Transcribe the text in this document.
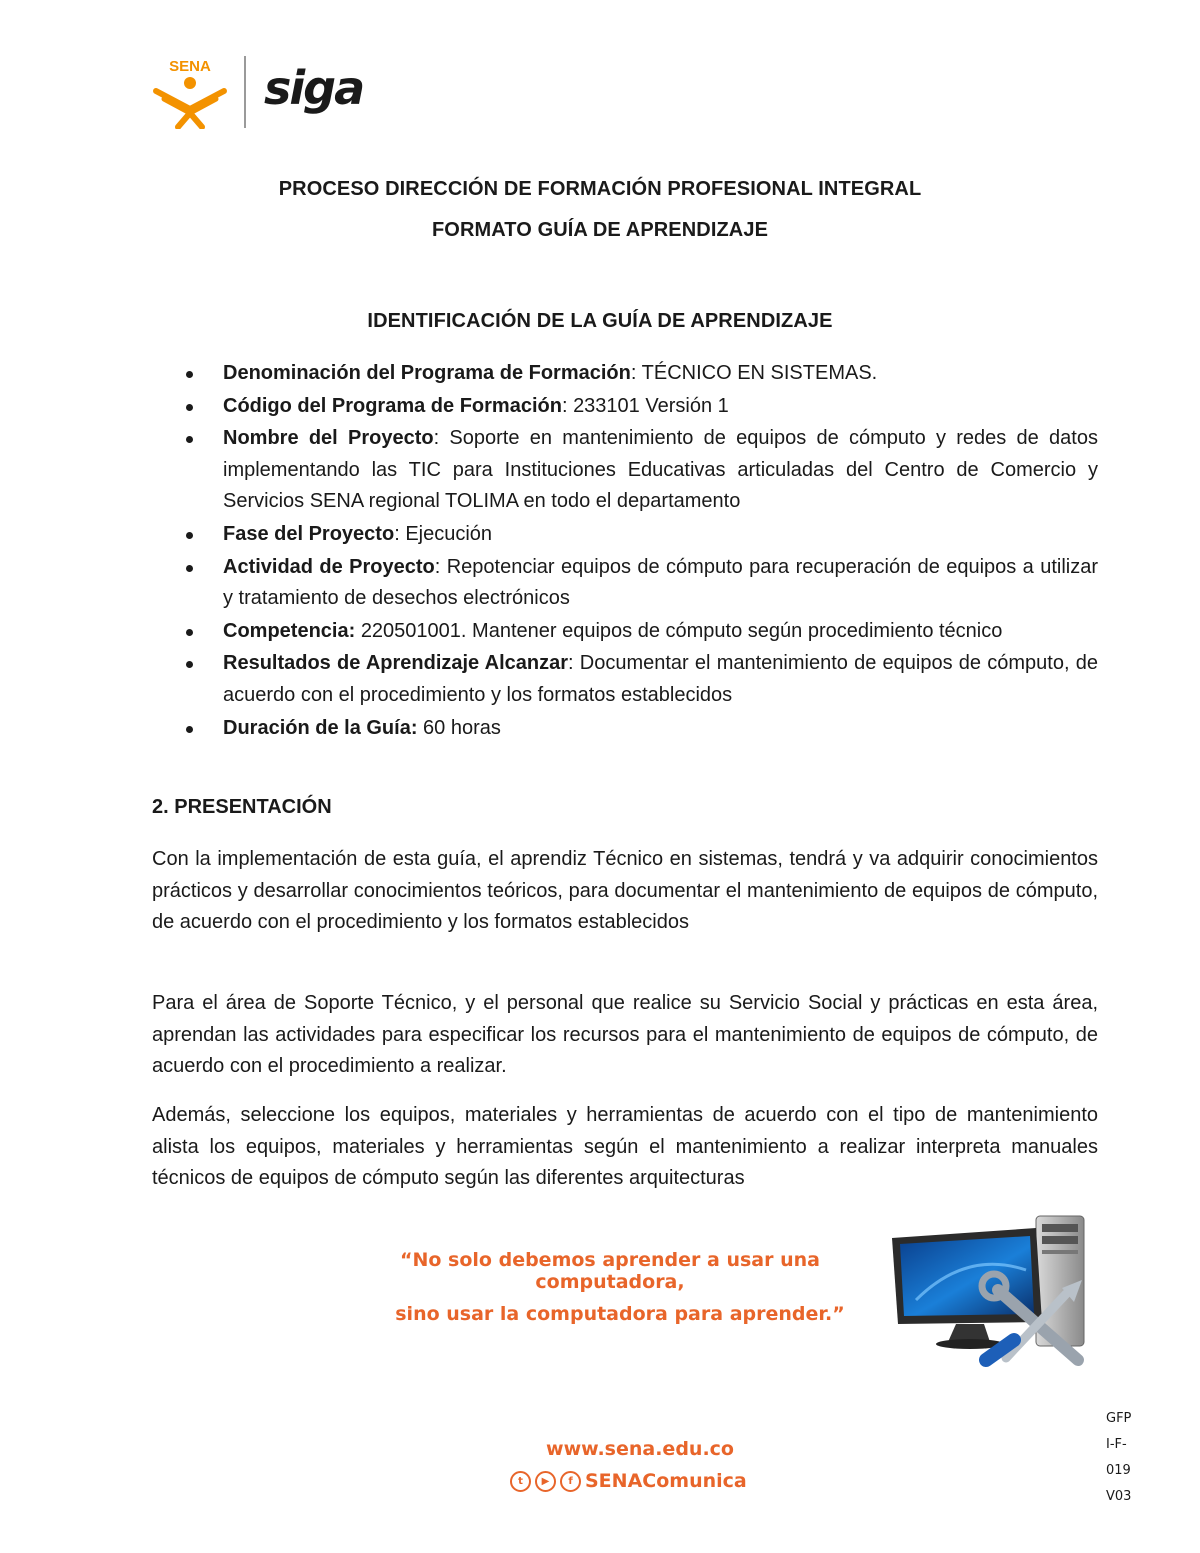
SENA siga
PROCESO DIRECCIÓN DE FORMACIÓN PROFESIONAL INTEGRAL
FORMATO GUÍA DE APRENDIZAJE
IDENTIFICACIÓN DE LA GUÍA DE APRENDIZAJE
Denominación del Programa de Formación: TÉCNICO EN SISTEMAS.
Código del Programa de Formación: 233101 Versión 1
Nombre del Proyecto: Soporte en mantenimiento de equipos de cómputo y redes de datos implementando las TIC para Instituciones Educativas articuladas del Centro de Comercio y Servicios SENA regional TOLIMA en todo el departamento
Fase del Proyecto: Ejecución
Actividad de Proyecto: Repotenciar equipos de cómputo para recuperación de equipos a utilizar y tratamiento de desechos electrónicos
Competencia: 220501001. Mantener equipos de cómputo según procedimiento técnico
Resultados de Aprendizaje Alcanzar: Documentar el mantenimiento de equipos de cómputo, de acuerdo con el procedimiento y los formatos establecidos
Duración de la Guía: 60 horas
2. PRESENTACIÓN

Con la implementación de esta guía, el aprendiz Técnico en sistemas, tendrá y va adquirir conocimientos prácticos y desarrollar conocimientos teóricos, para documentar el mantenimiento de equipos de cómputo, de acuerdo con el procedimiento y los formatos establecidos

Para el área de Soporte Técnico, y el personal que realice su Servicio Social y prácticas en esta área, aprendan las actividades para especificar los recursos para el mantenimiento de equipos de cómputo, de acuerdo con el procedimiento a realizar.

Además, seleccione los equipos, materiales y herramientas de acuerdo con el tipo de mantenimiento alista los equipos, materiales y herramientas según el mantenimiento a realizar interpreta manuales técnicos de equipos de cómputo según las diferentes arquitecturas

“No solo debemos aprender a usar una computadora,
sino usar la computadora para aprender.”
www.sena.edu.co
t	▶	f SENAComunica
GFP
I-F-
019
V03
